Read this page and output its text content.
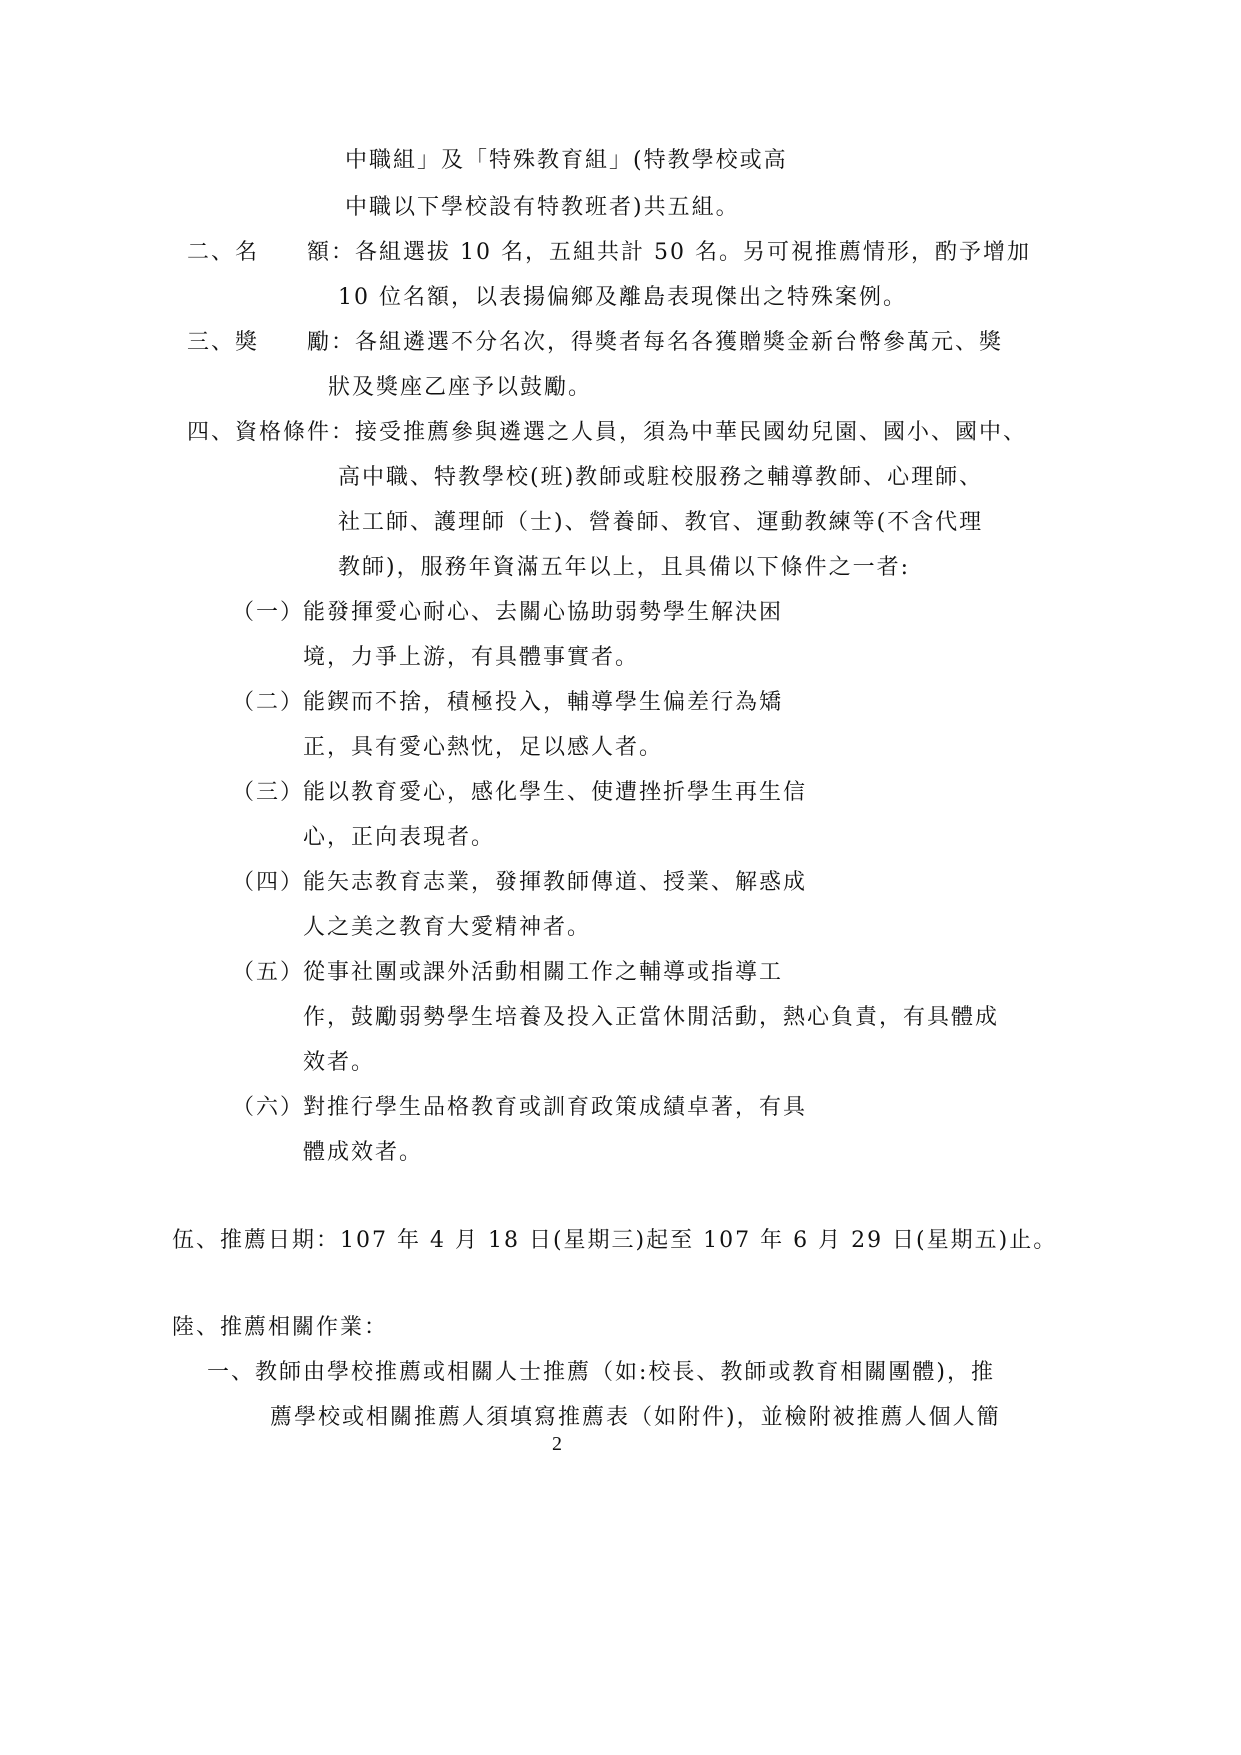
中職組」及「特殊教育組」(特教學校或高
中職以下學校設有特教班者)共五組。
二、名　　額：各組選拔 10 名，五組共計 50 名。另可視推薦情形，酌予增加
10 位名額，以表揚偏鄉及離島表現傑出之特殊案例。
三、獎　　勵：各組遴選不分名次，得獎者每名各獲贈獎金新台幣參萬元、獎
狀及獎座乙座予以鼓勵。
四、資格條件：接受推薦參與遴選之人員，須為中華民國幼兒園、國小、國中、
高中職、特教學校(班)教師或駐校服務之輔導教師、心理師、
社工師、護理師（士)、營養師、教官、運動教練等(不含代理
教師)，服務年資滿五年以上，且具備以下條件之一者:
（一）
能發揮愛心耐心、去關心協助弱勢學生解決困
境，力爭上游，有具體事實者。
（二）
能鍥而不捨，積極投入，輔導學生偏差行為矯
正，具有愛心熱忱，足以感人者。
（三）
能以教育愛心，感化學生、使遭挫折學生再生信
心，正向表現者。
（四）
能矢志教育志業，發揮教師傳道、授業、解惑成
人之美之教育大愛精神者。
（五）
從事社團或課外活動相關工作之輔導或指導工
作，鼓勵弱勢學生培養及投入正當休閒活動，熱心負責，有具體成
效者。
（六）
對推行學生品格教育或訓育政策成績卓著，有具
體成效者。
伍、推薦日期：107 年 4 月 18 日(星期三)起至 107 年 6 月 29 日(星期五)止。
陸、推薦相關作業：
一、教師由學校推薦或相關人士推薦（如:校長、教師或教育相關團體)，推
薦學校或相關推薦人須填寫推薦表（如附件)，並檢附被推薦人個人簡
2
